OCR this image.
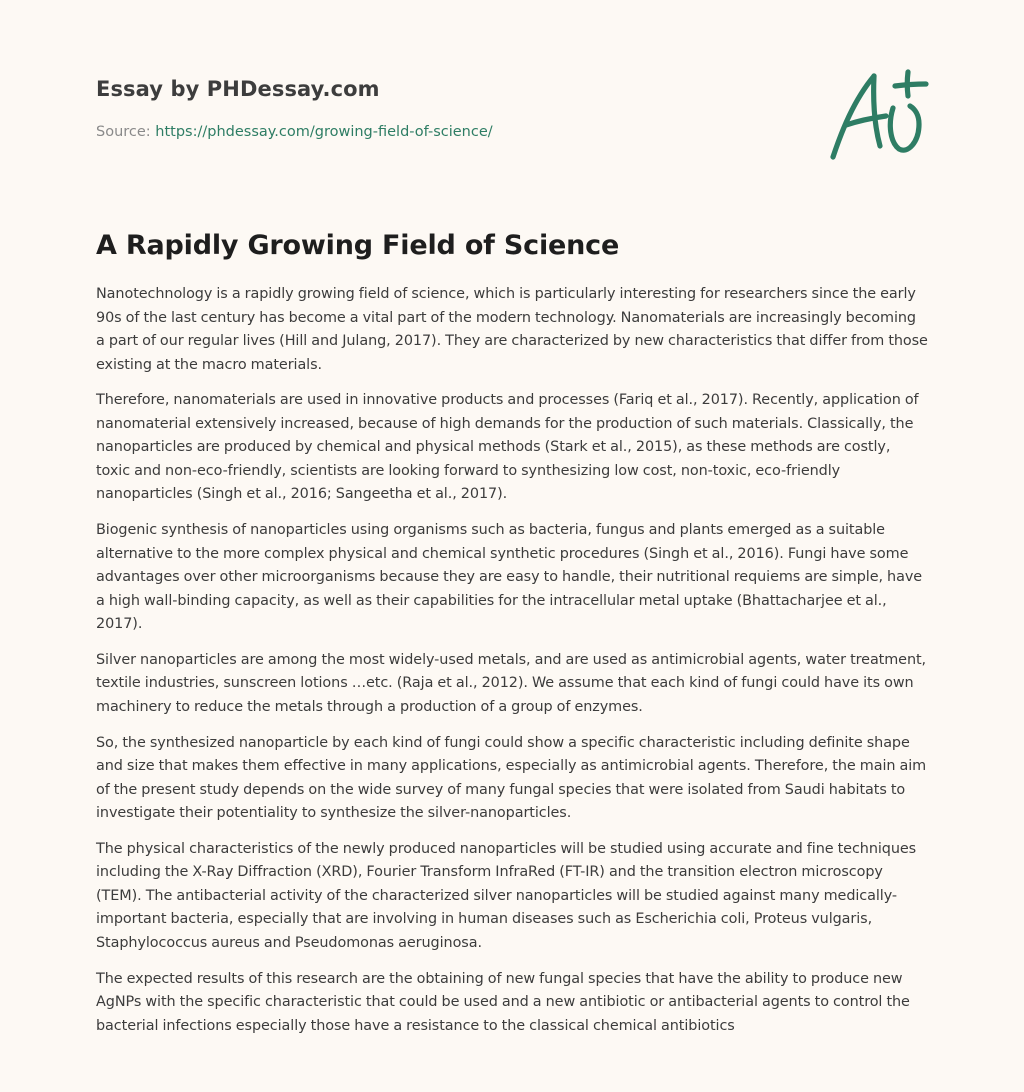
Essay by PHDessay.com
Source: https://phdessay.com/growing-field-of-science/
A Rapidly Growing Field of Science

Nanotechnology is a rapidly growing field of science, which is particularly interesting for researchers since the early 90s of the last century has become a vital part of the modern technology. Nanomaterials are increasingly becoming a part of our regular lives (Hill and Julang, 2017). They are characterized by new characteristics that differ from those existing at the macro materials.

Therefore, nanomaterials are used in innovative products and processes (Fariq et al., 2017). Recently, application of nanomaterial extensively increased, because of high demands for the production of such materials. Classically, the nanoparticles are produced by chemical and physical methods (Stark et al., 2015), as these methods are costly, toxic and non-eco-friendly, scientists are looking forward to synthesizing low cost, non-toxic, eco-friendly nanoparticles (Singh et al., 2016; Sangeetha et al., 2017).

Biogenic synthesis of nanoparticles using organisms such as bacteria, fungus and plants emerged as a suitable alternative to the more complex physical and chemical synthetic procedures (Singh et al., 2016). Fungi have some advantages over other microorganisms because they are easy to handle, their nutritional requiems are simple, have a high wall-binding capacity, as well as their capabilities for the intracellular metal uptake (Bhattacharjee et al., 2017).

Silver nanoparticles are among the most widely-used metals, and are used as antimicrobial agents, water treatment, textile industries, sunscreen lotions …etc. (Raja et al., 2012). We assume that each kind of fungi could have its own machinery to reduce the metals through a production of a group of enzymes.

So, the synthesized nanoparticle by each kind of fungi could show a specific characteristic including definite shape and size that makes them effective in many applications, especially as antimicrobial agents. Therefore, the main aim of the present study depends on the wide survey of many fungal species that were isolated from Saudi habitats to investigate their potentiality to synthesize the silver-nanoparticles.

The physical characteristics of the newly produced nanoparticles will be studied using accurate and fine techniques including the X-Ray Diffraction (XRD), Fourier Transform InfraRed (FT-IR) and the transition electron microscopy (TEM). The antibacterial activity of the characterized silver nanoparticles will be studied against many medically-important bacteria, especially that are involving in human diseases such as Escherichia coli, Proteus vulgaris, Staphylococcus aureus and Pseudomonas aeruginosa.

The expected results of this research are the obtaining of new fungal species that have the ability to produce new AgNPs with the specific characteristic that could be used and a new antibiotic or antibacterial agents to control the bacterial infections especially those have a resistance to the classical chemical antibiotics
